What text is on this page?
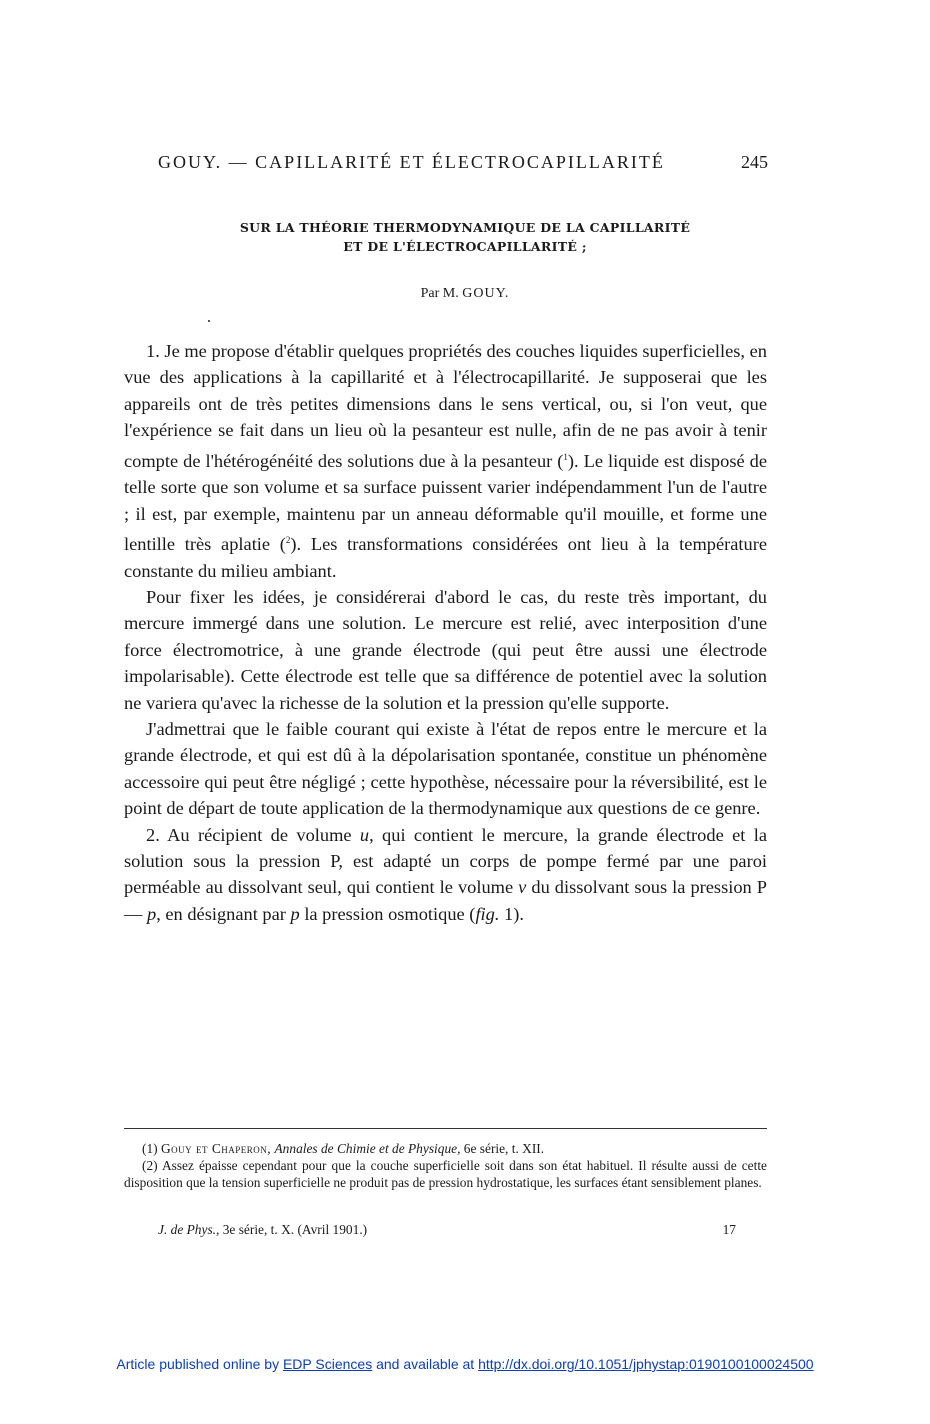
GOUY. — CAPILLARITÉ ET ÉLECTROCAPILLARITÉ	245
SUR LA THÉORIE THERMODYNAMIQUE DE LA CAPILLARITÉ
ET DE L'ÉLECTROCAPILLARITÉ ;
Par M. GOUY.

1. Je me propose d'établir quelques propriétés des couches liquides superficielles, en vue des applications à la capillarité et à l'électrocapillarité. Je supposerai que les appareils ont de très petites dimensions dans le sens vertical, ou, si l'on veut, que l'expérience se fait dans un lieu où la pesanteur est nulle, afin de ne pas avoir à tenir compte de l'hétérogénéité des solutions due à la pesanteur ($^1$). Le liquide est disposé de telle sorte que son volume et sa surface puissent varier indépendamment l'un de l'autre ; il est, par exemple, maintenu par un anneau déformable qu'il mouille, et forme une lentille très aplatie ($^2$). Les transformations considérées ont lieu à la température constante du milieu ambiant.

Pour fixer les idées, je considérerai d'abord le cas, du reste très important, du mercure immergé dans une solution. Le mercure est relié, avec interposition d'une force électromotrice, à une grande électrode (qui peut être aussi une électrode impolarisable). Cette électrode est telle que sa différence de potentiel avec la solution ne variera qu'avec la richesse de la solution et la pression qu'elle supporte.

J'admettrai que le faible courant qui existe à l'état de repos entre le mercure et la grande électrode, et qui est dû à la dépolarisation spontanée, constitue un phénomène accessoire qui peut être négligé ; cette hypothèse, nécessaire pour la réversibilité, est le point de départ de toute application de la thermodynamique aux questions de ce genre.

2. Au récipient de volume u, qui contient le mercure, la grande électrode et la solution sous la pression P, est adapté un corps de pompe fermé par une paroi perméable au dissolvant seul, qui contient le volume v du dissolvant sous la pression P — p, en désignant par p la pression osmotique (fig. 1).

(1) Gouy et Chaperon, Annales de Chimie et de Physique, 6e série, t. XII.

(2) Assez épaisse cependant pour que la couche superficielle soit dans son état habituel. Il résulte aussi de cette disposition que la tension superficielle ne produit pas de pression hydrostatique, les surfaces étant sensiblement planes.

J. de Phys., 3e série, t. X. (Avril 1901.)	17
Article published online by EDP Sciences and available at http://dx.doi.org/10.1051/jphystap:0190100100024500
